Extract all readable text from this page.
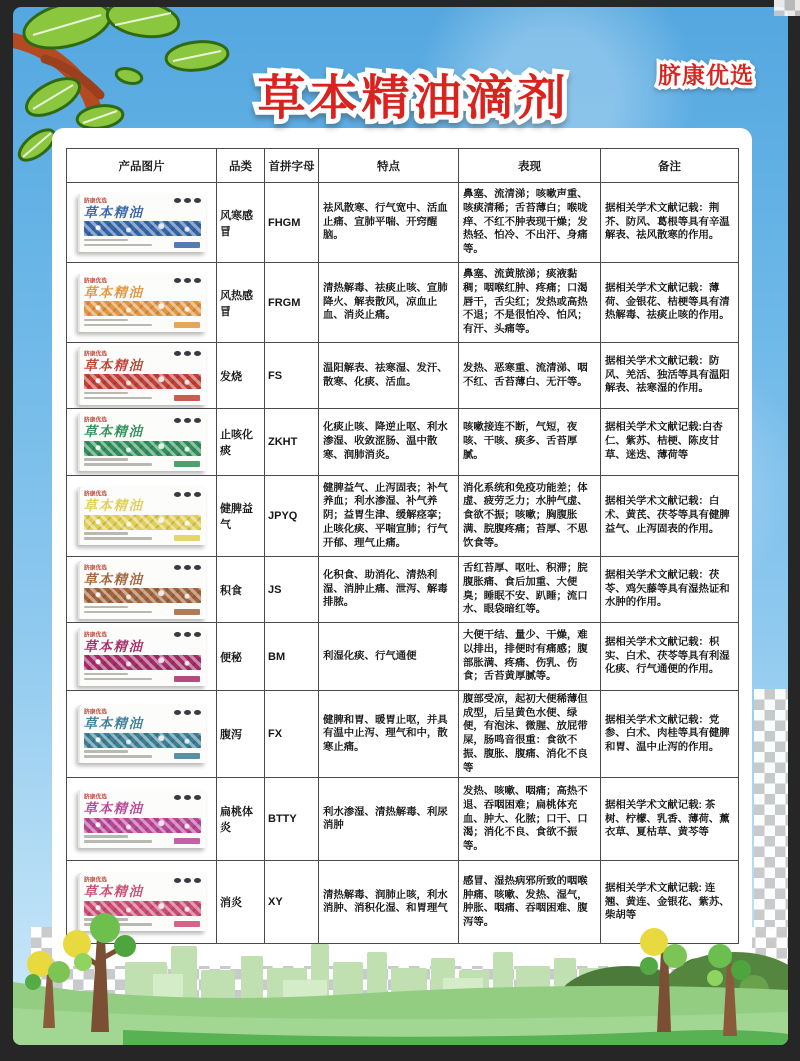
草本精油滴剂 草本精油滴剂	脐康优选 脐康优选
产品图片	品类	首拼字母	特点	表现	备注

脐康优选
草本精油	风寒感冒	FHGM	祛风散寒、行气宽中、活血止痛、宣肺平喘、开窍醒脑。	鼻塞、流清涕；咳嗽声重、咳痰清稀；舌苔薄白；喉咙痒、不红不肿表现干燥；发热轻、怕冷、不出汗、身痛等。	据相关学术文献记载：荆芥、防风、葛根等具有辛温解表、祛风散寒的作用。

脐康优选
草本精油	风热感冒	FRGM	清热解毒、祛痰止咳、宣肺降火、解表散风，凉血止血、消炎止痛。	鼻塞、流黄脓涕；痰液黏稠；咽喉红肿、疼痛；口渴唇干，舌尖红；发热或高热不退；不是很怕冷、怕风；有汗、头痛等。	据相关学术文献记载：薄荷、金银花、桔梗等具有清热解毒、祛痰止咳的作用。

脐康优选
草本精油	发烧	FS	温阳解表、祛寒湿、发汗、散寒、化痰、活血。	发热、恶寒重、流清涕、咽不红、舌苔薄白、无汗等。	据相关学术文献记载：防风、羌活、独活等具有温阳解表、祛寒湿的作用。

脐康优选
草本精油	止咳化痰	ZKHT	化痰止咳、降逆止呕、利水渗湿、收敛涩肠、温中散寒、润肺消炎。	咳嗽接连不断，气短，夜咳、干咳、痰多、舌苔厚腻。	据相关学术文献记载:白杏仁、紫苏、桔梗、陈皮甘草、迷迭、薄荷等

脐康优选
草本精油	健脾益气	JPYQ	健脾益气、止泻固表；补气养血；利水渗湿、补气养阴；益胃生津、缓解痉挛；止咳化痰、平喘宣肺；行气开郁、理气止痛。	消化系统和免疫功能差；体虚、疲劳乏力；水肿气虚、食欲不振；咳嗽；胸腹胀满、脘腹疼痛；苔厚、不思饮食等。	据相关学术文献记载：白术、黄芪、茯苓等具有健脾益气、止泻固表的作用。

脐康优选
草本精油	积食	JS	化积食、助消化、清热利湿、消肿止痛、泄泻、解毒排脓。	舌红苔厚、呕吐、积滞；脘腹胀痛、食后加重、大便臭；睡眠不安、趴睡；流口水、眼袋暗红等。	据相关学术文献记载：茯苓、鸡矢藤等具有湿热证和水肿的作用。

脐康优选
草本精油	便秘	BM	利湿化痰、行气通便	大便干结、量少、干燥，难以排出，排便时有痛感；腹部胀满、疼痛、伤乳、伤食；舌苔黄厚腻等。	据相关学术文献记载：枳实、白术、茯苓等具有利湿化痰、行气通便的作用。

脐康优选
草本精油	腹泻	FX	健脾和胃、暖胃止呕，并具有温中止泻、理气和中，散寒止痛。	腹部受凉，起初大便稀薄但成型，后呈黄色水便、绿便，有泡沫、微腥、放屁带屎，肠鸣音很重：食欲不振、腹胀、腹痛、消化不良等	据相关学术文献记载：党参、白术、肉桂等具有健脾和胃、温中止泻的作用。

脐康优选
草本精油	扁桃体炎	BTTY	利水渗湿、清热解毒、利尿消肿	发热、咳嗽、咽痛；高热不退、吞咽困难；扁桃体充血、肿大、化脓；口干、口渴；消化不良、食欲不振等。	据相关学术文献记载: 茶树、柠檬、乳香、薄荷、薰衣草、夏枯草、黄芩等

脐康优选
草本精油	消炎	XY	清热解毒、润肺止咳，利水消肿、消积化湿、和胃理气	感冒、湿热病邪所致的咽喉肿痛、咳嗽、发热、湿气，肿胀、咽痛、吞咽困难、腹泻等。	据相关学术文献记载: 连翘、黄连、金银花、紫苏、柴胡等
